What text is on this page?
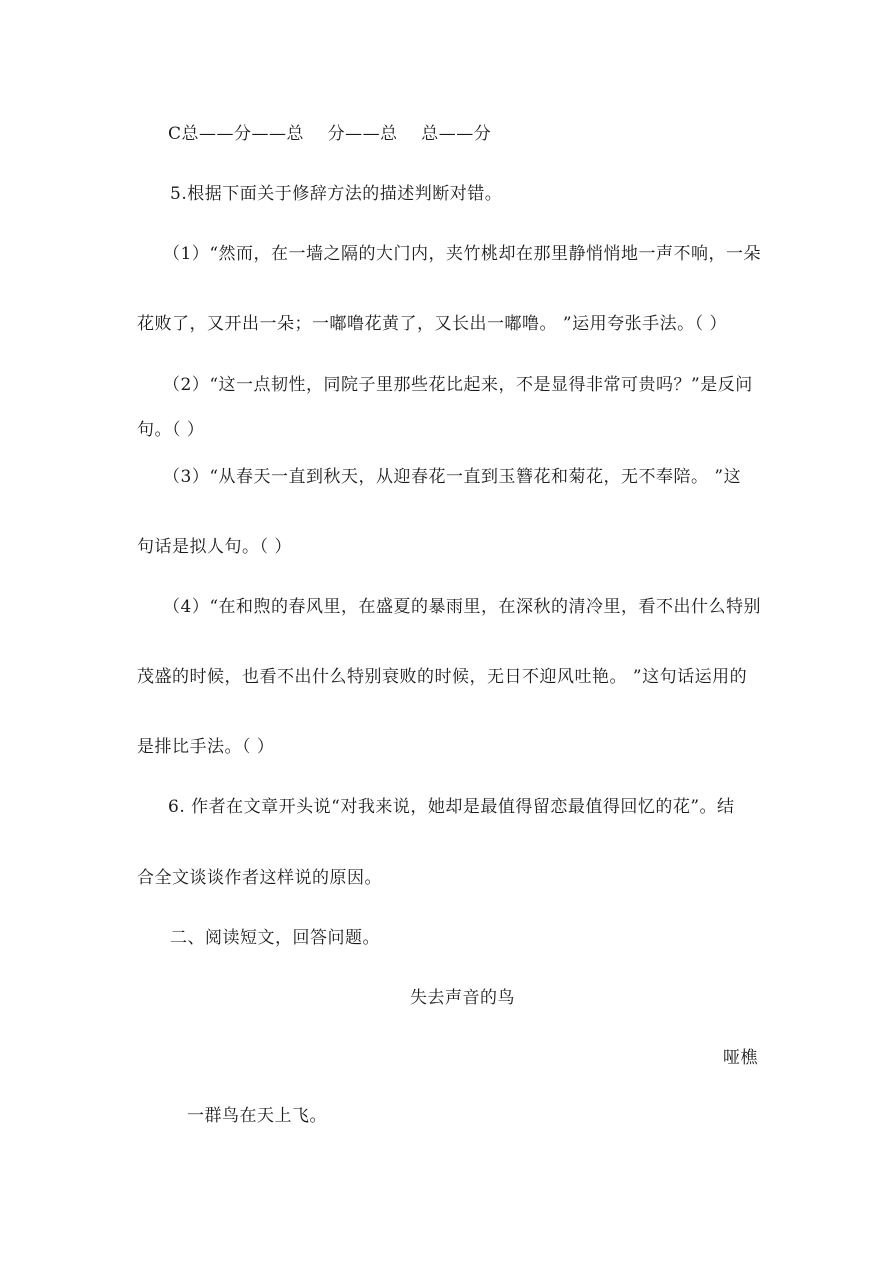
C总——分——总    分——总    总——分
5.根据下面关于修辞方法的描述判断对错。
（1）“然而，在一墙之隔的大门内，夹竹桃却在那里静悄悄地一声不响，一朵
花败了，又开出一朵；一嘟噜花黄了，又长出一嘟噜。 ”运用夸张手法。（ ）
（2）“这一点韧性，同院子里那些花比起来，不是显得非常可贵吗？”是反问
句。（ ）
（3）“从春天一直到秋天，从迎春花一直到玉簪花和菊花，无不奉陪。 ”这
句话是拟人句。（ ）
（4）“在和煦的春风里，在盛夏的暴雨里，在深秋的清冷里，看不出什么特别
茂盛的时候，也看不出什么特别衰败的时候，无日不迎风吐艳。 ”这句话运用的
是排比手法。（ ）
6. 作者在文章开头说“对我来说，她却是最值得留恋最值得回忆的花”。结
合全文谈谈作者这样说的原因。
二、阅读短文，回答问题。
失去声音的鸟
哑樵
一群鸟在天上飞。
